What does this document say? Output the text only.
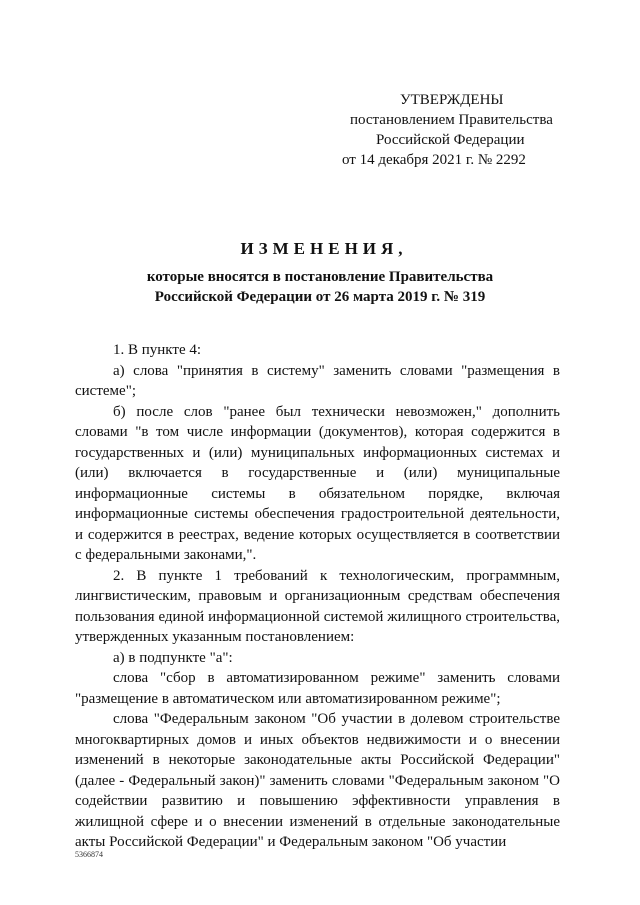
УТВЕРЖДЕНЫ
постановлением Правительства
Российской Федерации
от 14 декабря 2021 г. № 2292
ИЗМЕНЕНИЯ,
которые вносятся в постановление Правительства
Российской Федерации от 26 марта 2019 г. № 319

1. В пункте 4:

а) слова "принятия в систему" заменить словами "размещения в системе";

б) после слов "ранее был технически невозможен," дополнить словами "в том числе информации (документов), которая содержится в государственных и (или) муниципальных информационных системах и (или) включается в государственные и (или) муниципальные информационные системы в обязательном порядке, включая информационные системы обеспечения градостроительной деятельности, и содержится в реестрах, ведение которых осуществляется в соответствии с федеральными законами,".

2. В пункте 1 требований к технологическим, программным, лингвистическим, правовым и организационным средствам обеспечения пользования единой информационной системой жилищного строительства, утвержденных указанным постановлением:

а) в подпункте "а":

слова "сбор в автоматизированном режиме" заменить словами "размещение в автоматическом или автоматизированном режиме";

слова "Федеральным законом "Об участии в долевом строительстве многоквартирных домов и иных объектов недвижимости и о внесении изменений в некоторые законодательные акты Российской Федерации" (далее - Федеральный закон)" заменить словами "Федеральным законом "О содействии развитию и повышению эффективности управления в жилищной сфере и о внесении изменений в отдельные законодательные акты Российской Федерации" и Федеральным законом "Об участии

5366874
